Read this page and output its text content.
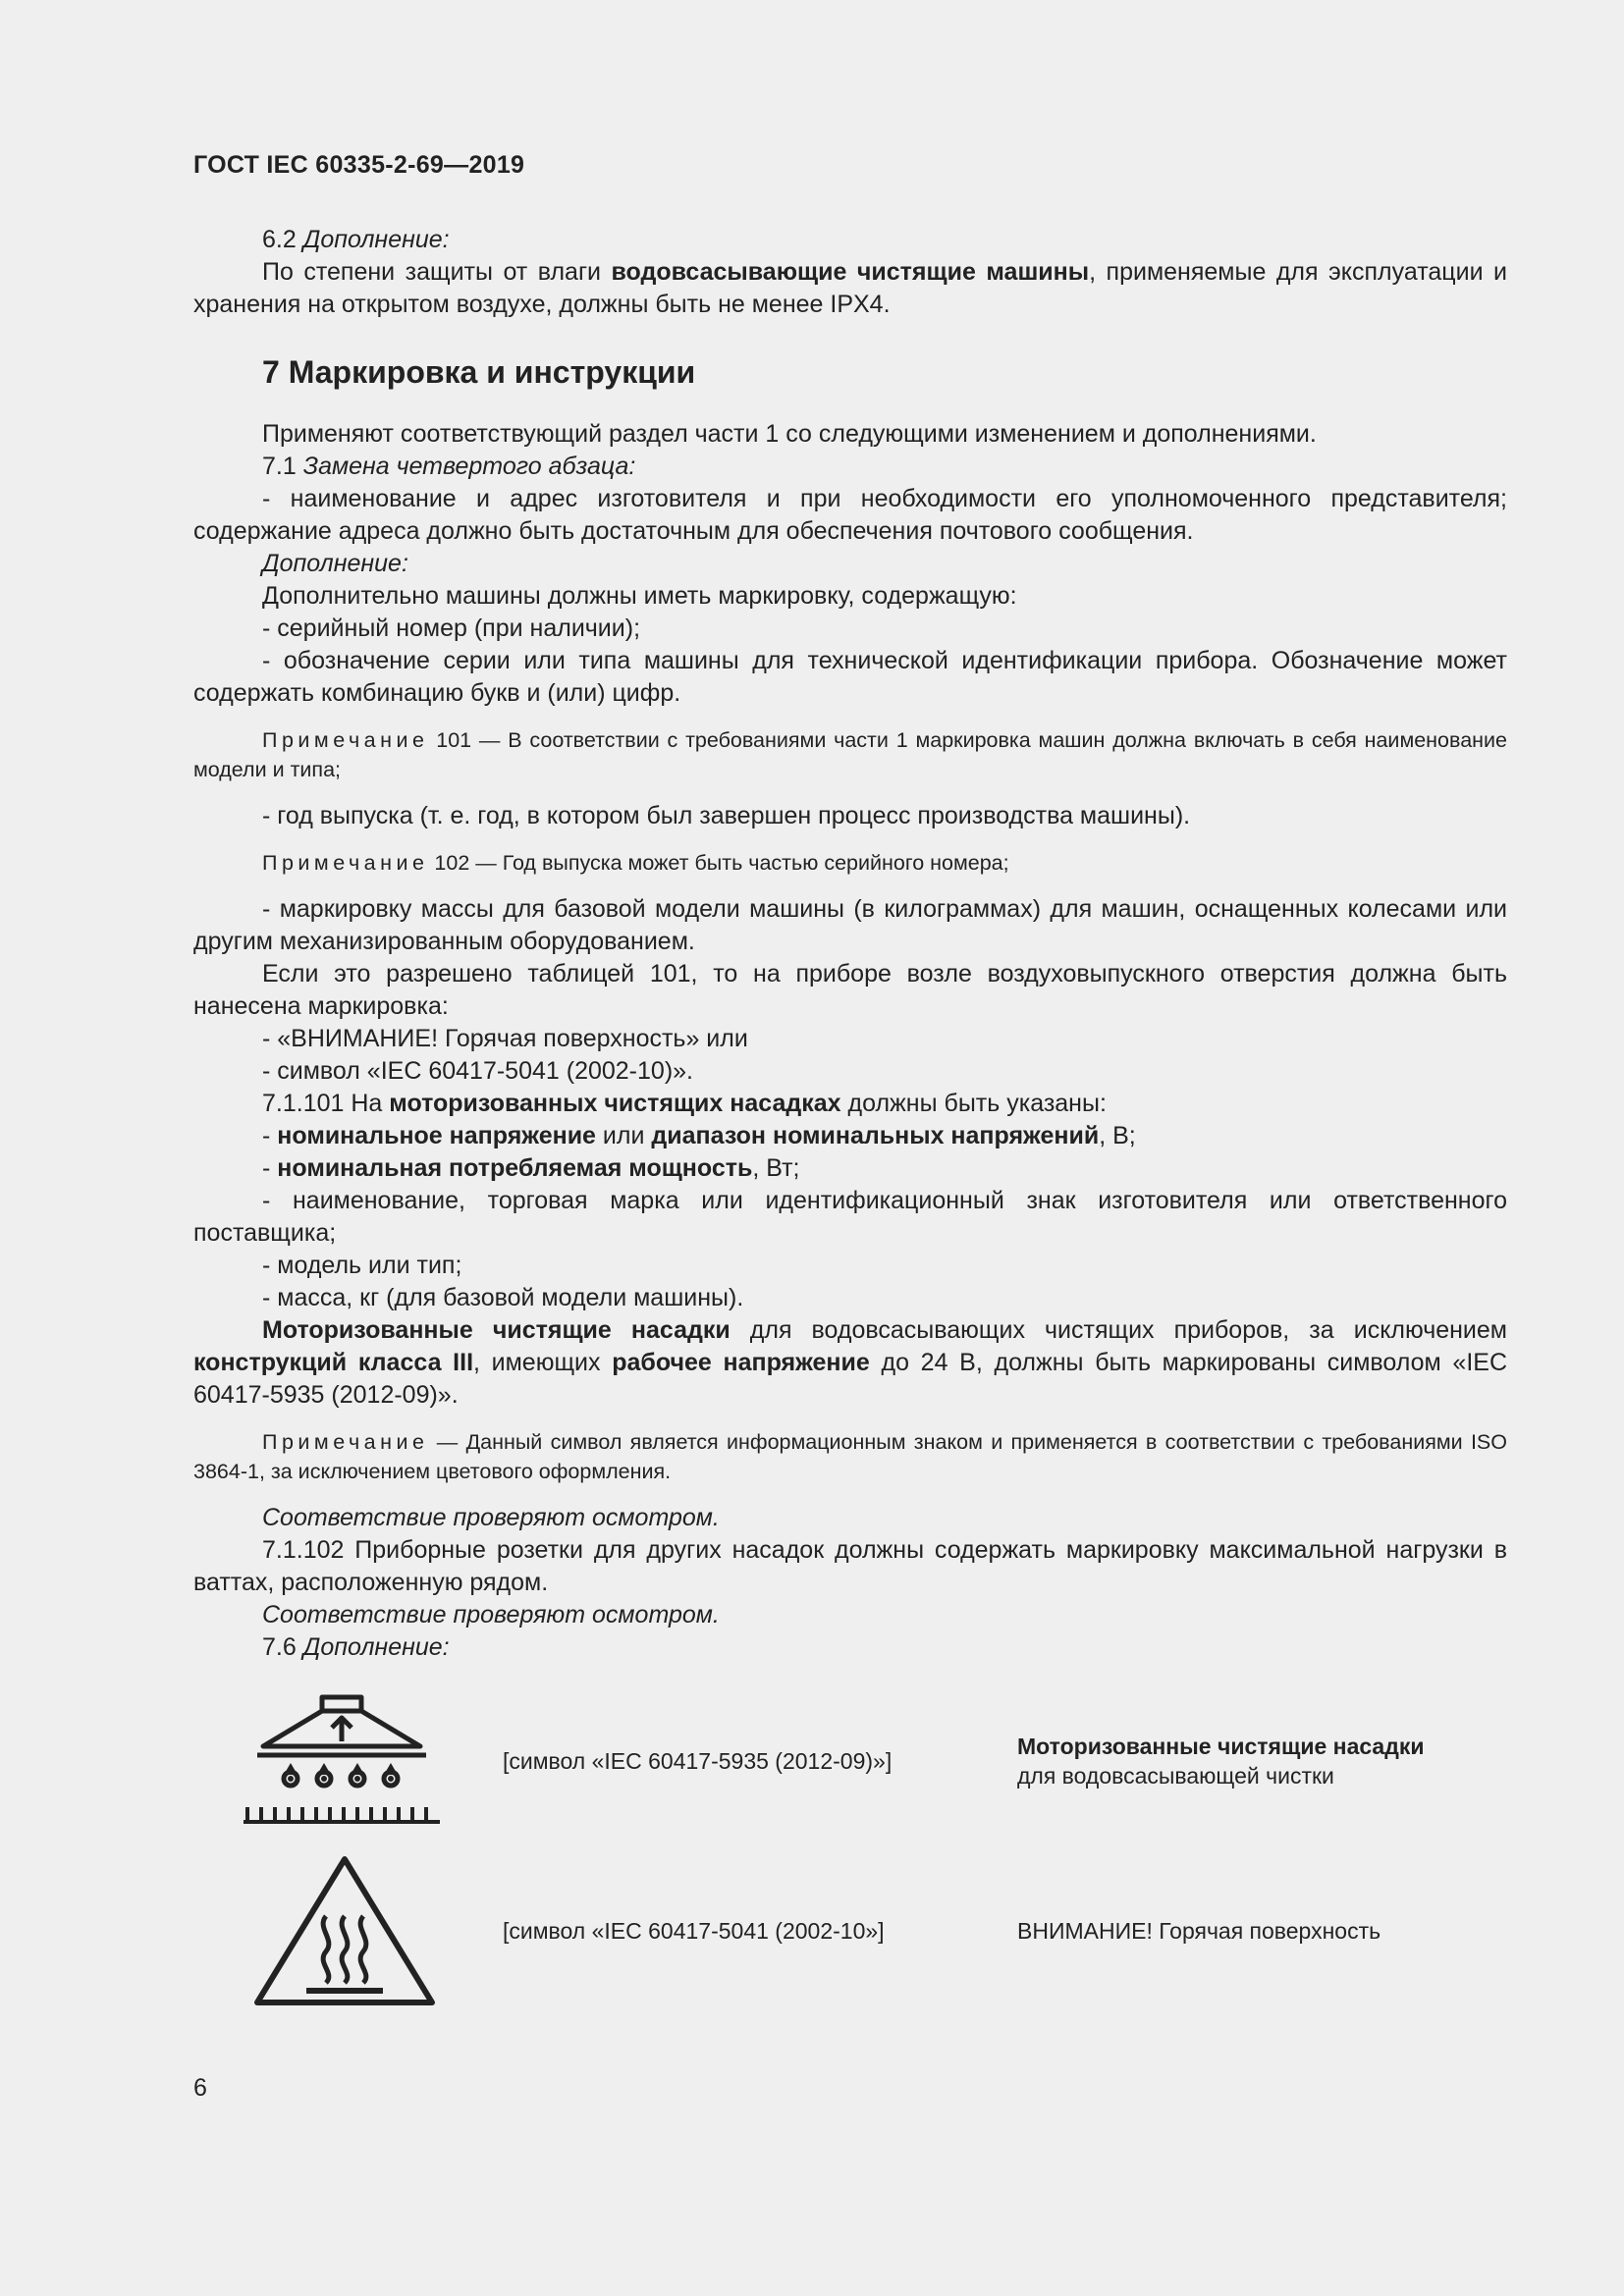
ГОСТ IEC 60335-2-69—2019

6.2 Дополнение:

По степени защиты от влаги водовсасывающие чистящие машины, применяемые для эксплуатации и хранения на открытом воздухе, должны быть не менее IPX4.

7 Маркировка и инструкции

Применяют соответствующий раздел части 1 со следующими изменением и дополнениями.

7.1 Замена четвертого абзаца:

- наименование и адрес изготовителя и при необходимости его уполномоченного представителя; содержание адреса должно быть достаточным для обеспечения почтового сообщения.

Дополнение:

Дополнительно машины должны иметь маркировку, содержащую:

- серийный номер (при наличии);

- обозначение серии или типа машины для технической идентификации прибора. Обозначение может содержать комбинацию букв и (или) цифр.

Примечание 101 — В соответствии с требованиями части 1 маркировка машин должна включать в себя наименование модели и типа;

- год выпуска (т. е. год, в котором был завершен процесс производства машины).

Примечание 102 — Год выпуска может быть частью серийного номера;

- маркировку массы для базовой модели машины (в килограммах) для машин, оснащенных колесами или другим механизированным оборудованием.

Если это разрешено таблицей 101, то на приборе возле воздуховыпускного отверстия должна быть нанесена маркировка:

- «ВНИМАНИЕ! Горячая поверхность» или

- символ «IEC 60417-5041 (2002-10)».

7.1.101 На моторизованных чистящих насадках должны быть указаны:

- номинальное напряжение или диапазон номинальных напряжений, В;

- номинальная потребляемая мощность, Вт;

- наименование, торговая марка или идентификационный знак изготовителя или ответственного поставщика;

- модель или тип;

- масса, кг (для базовой модели машины).

Моторизованные чистящие насадки для водовсасывающих чистящих приборов, за исключением конструкций класса III, имеющих рабочее напряжение до 24 В, должны быть маркированы символом «IEC 60417-5935 (2012-09)».

Примечание — Данный символ является информационным знаком и применяется в соответствии с требованиями ISO 3864-1, за исключением цветового оформления.

Соответствие проверяют осмотром.

7.1.102 Приборные розетки для других насадок должны содержать маркировку максимальной нагрузки в ваттах, расположенную рядом.

Соответствие проверяют осмотром.

7.6 Дополнение:

[символ «IEC 60417-5935 (2012-09)»]
Моторизованные чистящие насадки
для водовсасывающей чистки
[символ «IEC 60417-5041 (2002-10»]	ВНИМАНИЕ! Горячая поверхность
6
